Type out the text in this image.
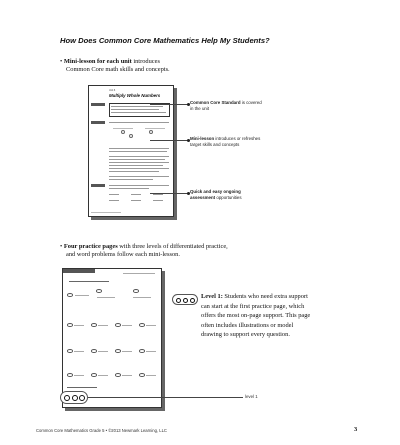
How Does Common Core Mathematics Help My Students?
• Mini-lesson for each unit introduces
Common Core math skills and concepts.
Unit 6
Multiply Whole Numbers
Common Core Standard is covered in the unit
Mini-lesson introduces or refreshes target skills and concepts
Quick and easy ongoing assessment opportunities
• Four practice pages with three levels of differentiated practice,
and word problems follow each mini-lesson.
level 1
Level 1: Students who need extra support can start at the first practice page, which offers the most on-page support. This page often includes illustrations or model drawing to support every question.
Common Core Mathematics Grade 5 • ©2013 Newmark Learning, LLC	3
